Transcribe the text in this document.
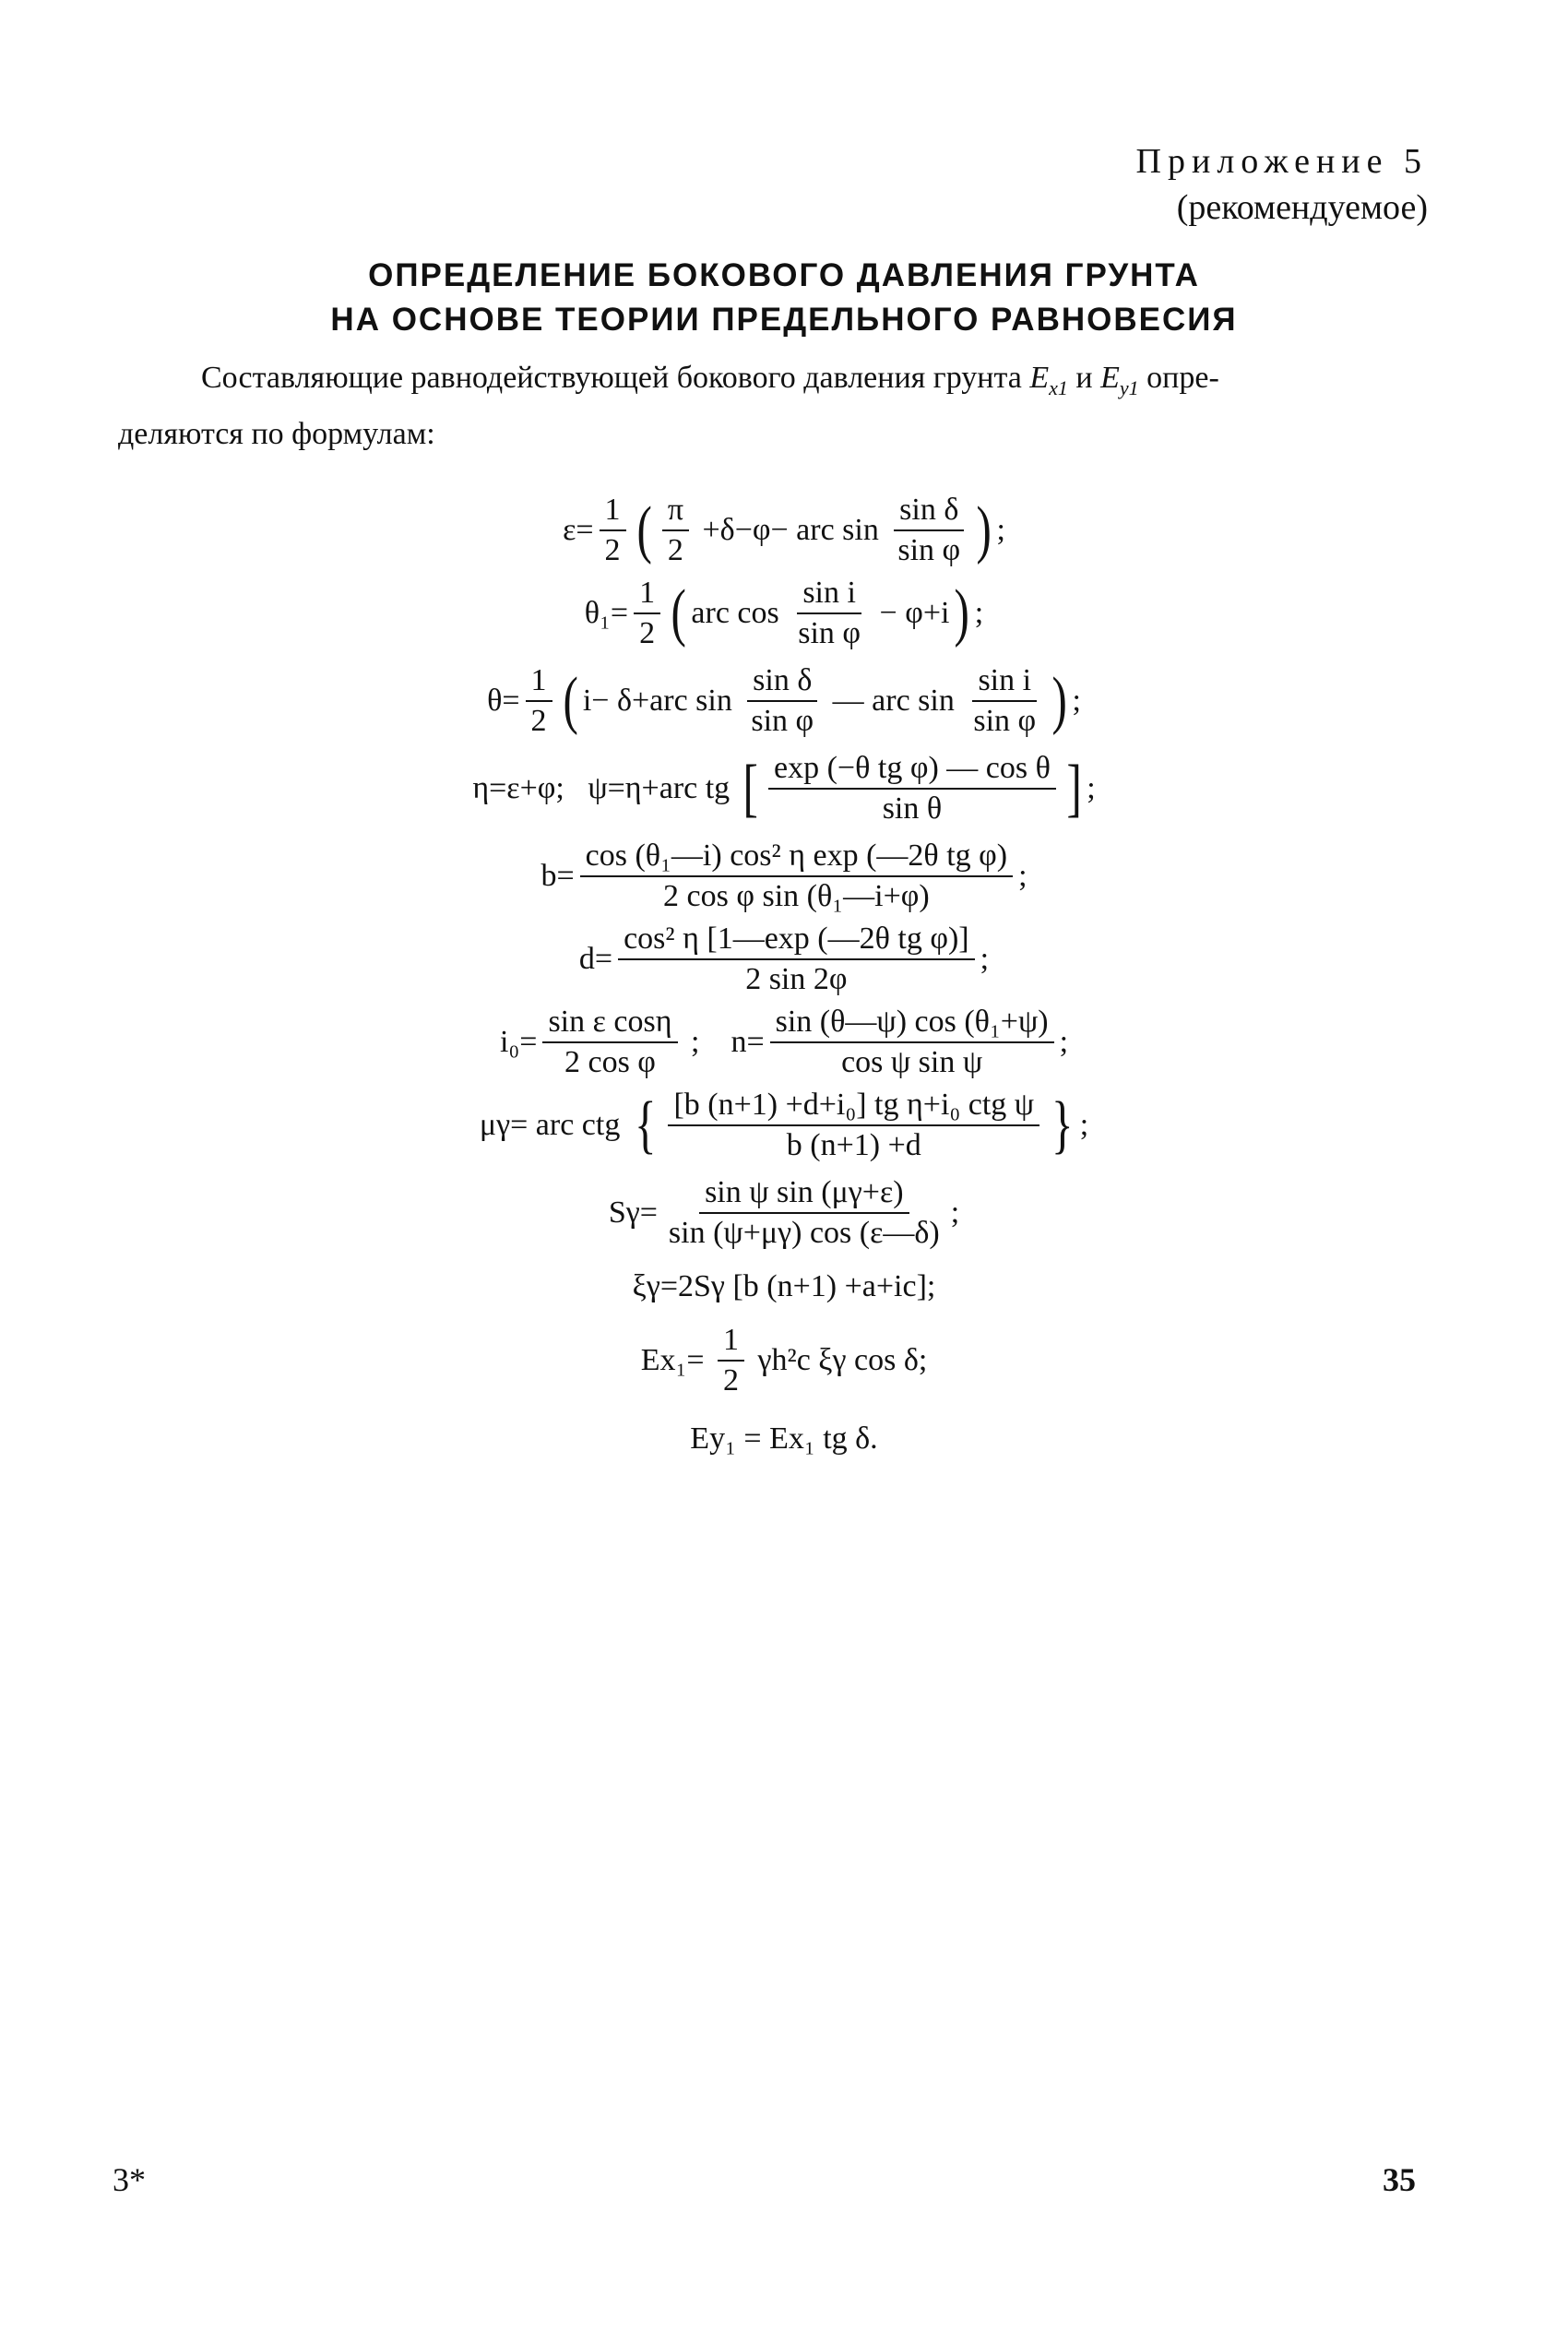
Приложение 5
(рекомендуемое)
ОПРЕДЕЛЕНИЕ БОКОВОГО ДАВЛЕНИЯ ГРУНТА
НА ОСНОВЕ ТЕОРИИ ПРЕДЕЛЬНОГО РАВНОВЕСИЯ

Составляющие равнодействующей бокового давления грунта $E_{x1}$ и $E_{y1}$ опре-

деляются по формулам:

$\varepsilon= \frac{1}{2}$ ( $\frac{\pi}{2} +\delta-\varphi-$ arc $\sin \frac{\text{sin δ}}{\text{sin φ}}$ ) ;
$\theta_1= \frac{1}{2}$ ( arc $\cos \frac{\text{sin i}}{\text{sin φ}} - \varphi+i$ ) ;
$\theta= \frac{1}{2}$ ( i− δ+arc $\sin \frac{\text{sin δ}}{\text{sin φ}}$ — arc $\sin \frac{\text{sin i}}{\text{sin φ}}$ ) ;
η=ε+φ;   ψ=η+arc tg [ $\frac{\text{exp (−θ tg φ) — cos θ}}{\text{sin θ}}$ ] ;
$b= \frac{\text{cos (θ₁—i) cos² η exp (—2θ tg φ)}}{\text{2 cos φ sin (θ₁—i+φ)}}$ ;
$d= \frac{\text{cos² η [1—exp (—2θ tg φ)]}}{2 \sin 2\varphi}$ ;
$i_0= \frac{\text{sin ε cosη}}{\text{2 cos φ}}$ ;    $n= \frac{\text{sin (θ—ψ) cos (θ₁+ψ)}}{\text{cos ψ sin ψ}}$ ;
μγ= arc ctg { $\frac{\text{[b (n+1) +d+i₀] tg η+i₀ ctg ψ}}{b (n+1) +d}$ } ;
$S\gamma= \frac{\text{sin ψ sin (μγ+ε)}}{\sin (\psi+\mu\gamma) \cos (\varepsilon—\delta)}$ ;
ξγ=2Sγ [b (n+1) +a+ic];
$Ex_1= \frac{1}{2} \gamma h^2c$ ξγ cos δ;
Ey₁ = Ex₁ tg δ.
3*	35
